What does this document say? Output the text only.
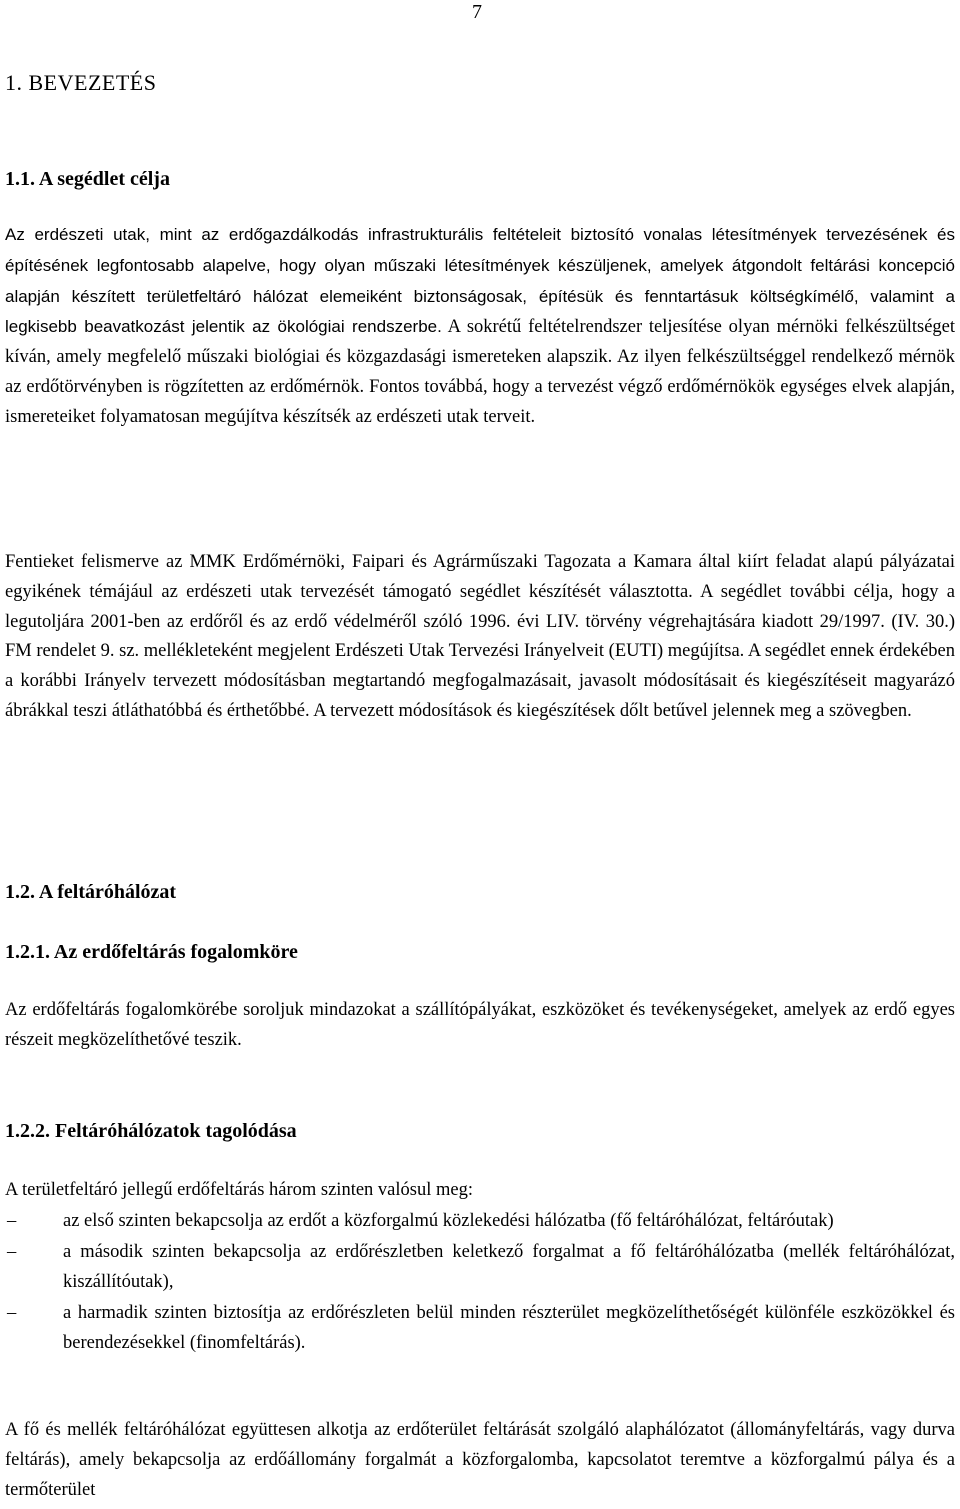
7
1. BEVEZETÉS
1.1. A segédlet célja

Az erdészeti utak, mint az erdőgazdálkodás infrastrukturális feltételeit biztosító vonalas létesítmények tervezésének és építésének legfontosabb alapelve, hogy olyan műszaki létesítmények készüljenek, amelyek átgondolt feltárási koncepció alapján készített területfeltáró hálózat elemeiként biztonságosak, építésük és fenntartásuk költségkímélő, valamint a legkisebb beavatkozást jelentik az ökológiai rendszerbe. A sokrétű feltételrendszer teljesítése olyan mérnöki felkészültséget kíván, amely megfelelő műszaki biológiai és közgazdasági ismereteken alapszik. Az ilyen felkészültséggel rendelkező mérnök az erdőtörvényben is rögzítetten az erdőmérnök. Fontos továbbá, hogy a tervezést végző erdőmérnökök egységes elvek alapján, ismereteiket folyamatosan megújítva készítsék az erdészeti utak terveit.

Fentieket felismerve az MMK Erdőmérnöki, Faipari és Agrárműszaki Tagozata a Kamara által kiírt feladat alapú pályázatai egyikének témájául az erdészeti utak tervezését támogató segédlet készítését választotta. A segédlet további célja, hogy a legutoljára 2001-ben az erdőről és az erdő védelméről szóló 1996. évi LIV. törvény végrehajtására kiadott 29/1997. (IV. 30.) FM rendelet 9. sz. mellékleteként megjelent Erdészeti Utak Tervezési Irányelveit (EUTI) megújítsa. A segédlet ennek érdekében a korábbi Irányelv tervezett módosításban megtartandó megfogalmazásait, javasolt módosításait és kiegészítéseit magyarázó ábrákkal teszi átláthatóbbá és érthetőbbé. A tervezett módosítások és kiegészítések dőlt betűvel jelennek meg a szövegben.

1.2. A feltáróhálózat
1.2.1. Az erdőfeltárás fogalomköre

Az erdőfeltárás fogalomkörébe soroljuk mindazokat a szállítópályákat, eszközöket és tevékenységeket, amelyek az erdő egyes részeit megközelíthetővé teszik.

1.2.2. Feltáróhálózatok tagolódása

A területfeltáró jellegű erdőfeltárás három szinten valósul meg:

–	az első szinten bekapcsolja az erdőt a közforgalmú közlekedési hálózatba (fő feltáróhálózat, feltáróutak)
–	a második szinten bekapcsolja az erdőrészletben keletkező forgalmat a fő feltáróhálózatba (mellék feltáróhálózat, kiszállítóutak),
–	a harmadik szinten biztosítja az erdőrészleten belül minden részterület megközelíthetőségét különféle eszközökkel és berendezésekkel (finomfeltárás).

A fő és mellék feltáróhálózat együttesen alkotja az erdőterület feltárását szolgáló alaphálózatot (állományfeltárás, vagy durva feltárás), amely bekapcsolja az erdőállomány forgalmát a közforgalomba, kapcsolatot teremtve a közforgalmú pálya és a termőterület
